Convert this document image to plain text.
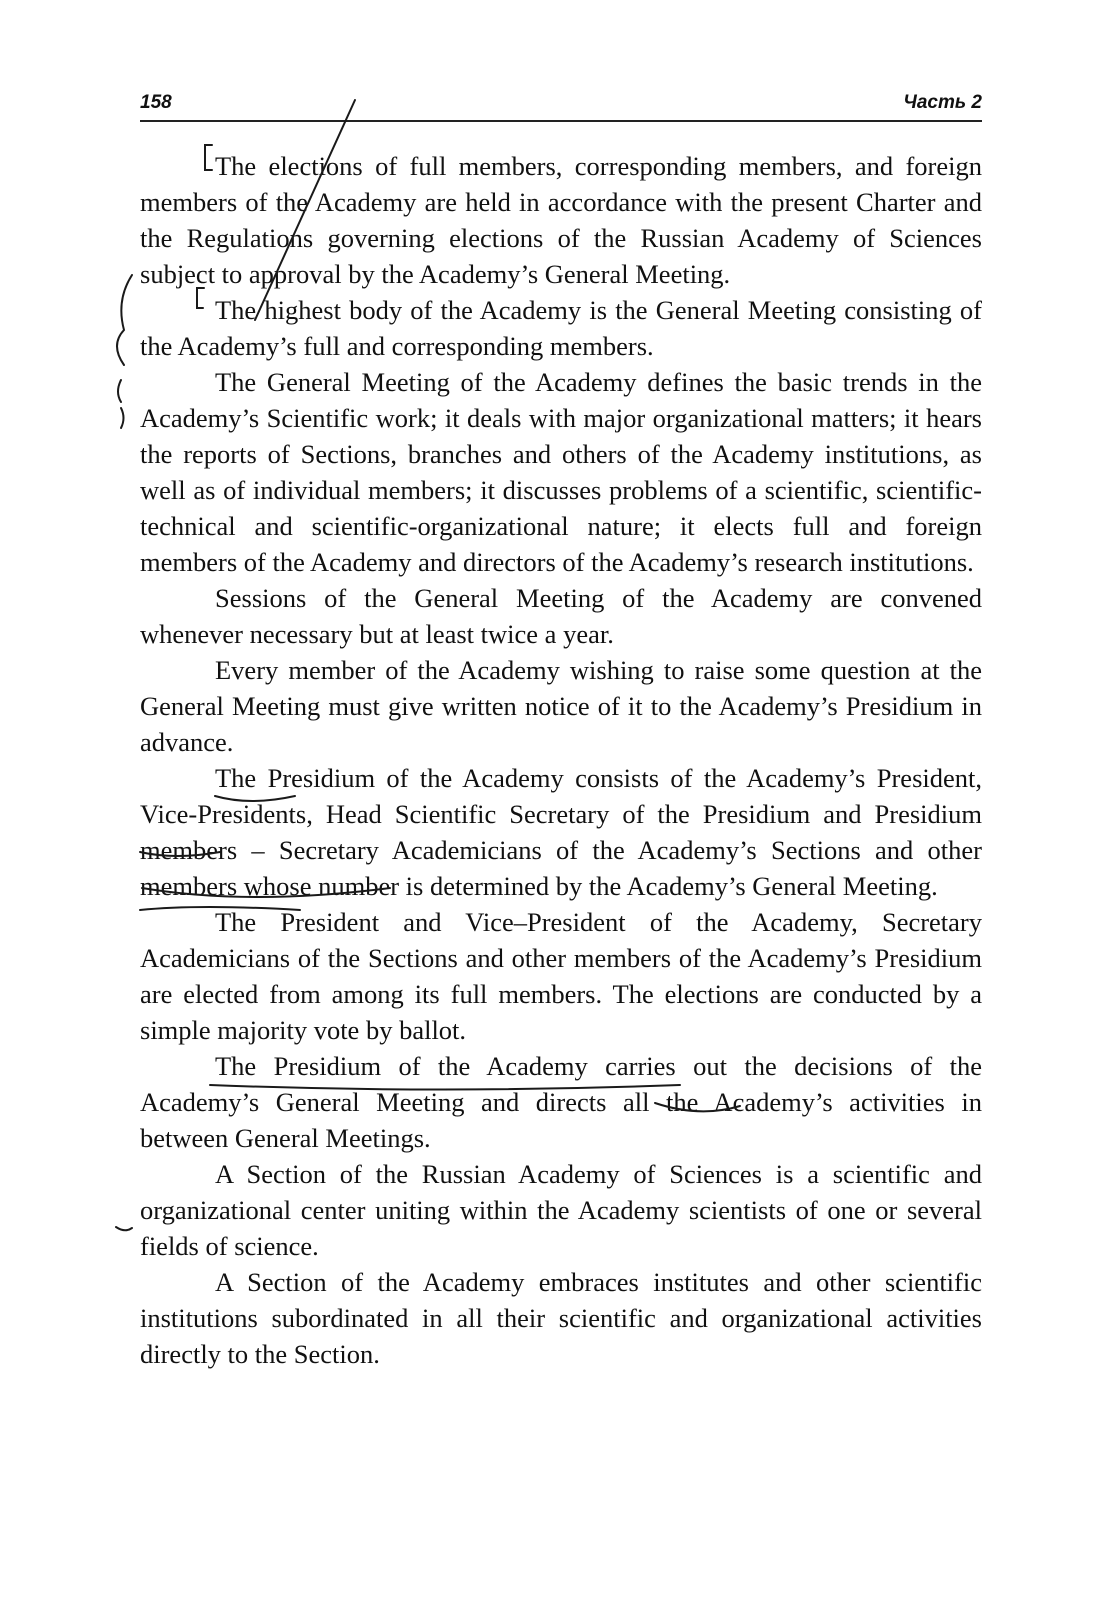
158	Часть 2

The elections of full members, corresponding members, and foreign members of the Academy are held in accordance with the present Charter and the Regulations governing elections of the Russian Academy of Sciences subject to approval by the Academy’s General Meeting.

The highest body of the Academy is the General Meeting consisting of the Academy’s full and corresponding members.

The General Meeting of the Academy defines the basic trends in the Academy’s Scientific work; it deals with major organizational matters; it hears the reports of Sections, branches and others of the Academy institutions, as well as of individual members; it discusses problems of a scientific, scientific-technical and scientific-organizational nature; it elects full and foreign members of the Academy and directors of the Academy’s research institutions.

Sessions of the General Meeting of the Academy are convened whenever necessary but at least twice a year.

Every member of the Academy wishing to raise some question at the General Meeting must give written notice of it to the Academy’s Presidium in advance.

The Presidium of the Academy consists of the Academy’s President, Vice-Presidents, Head Scientific Secretary of the Presidium and Presidium members – Secretary Academicians of the Academy’s Sections and other members whose number is determined by the Academy’s General Meeting.

The President and Vice–President of the Academy, Secretary Academicians of the Sections and other members of the Academy’s Presidium are elected from among its full members. The elections are conducted by a simple majority vote by ballot.

The Presidium of the Academy carries out the decisions of the Academy’s General Meeting and directs all the Academy’s activities in between General Meetings.

A Section of the Russian Academy of Sciences is a scientific and organizational center uniting within the Academy scientists of one or several fields of science.

A Section of the Academy embraces institutes and other scientific institutions subordinated in all their scientific and organizational activities directly to the Section.
